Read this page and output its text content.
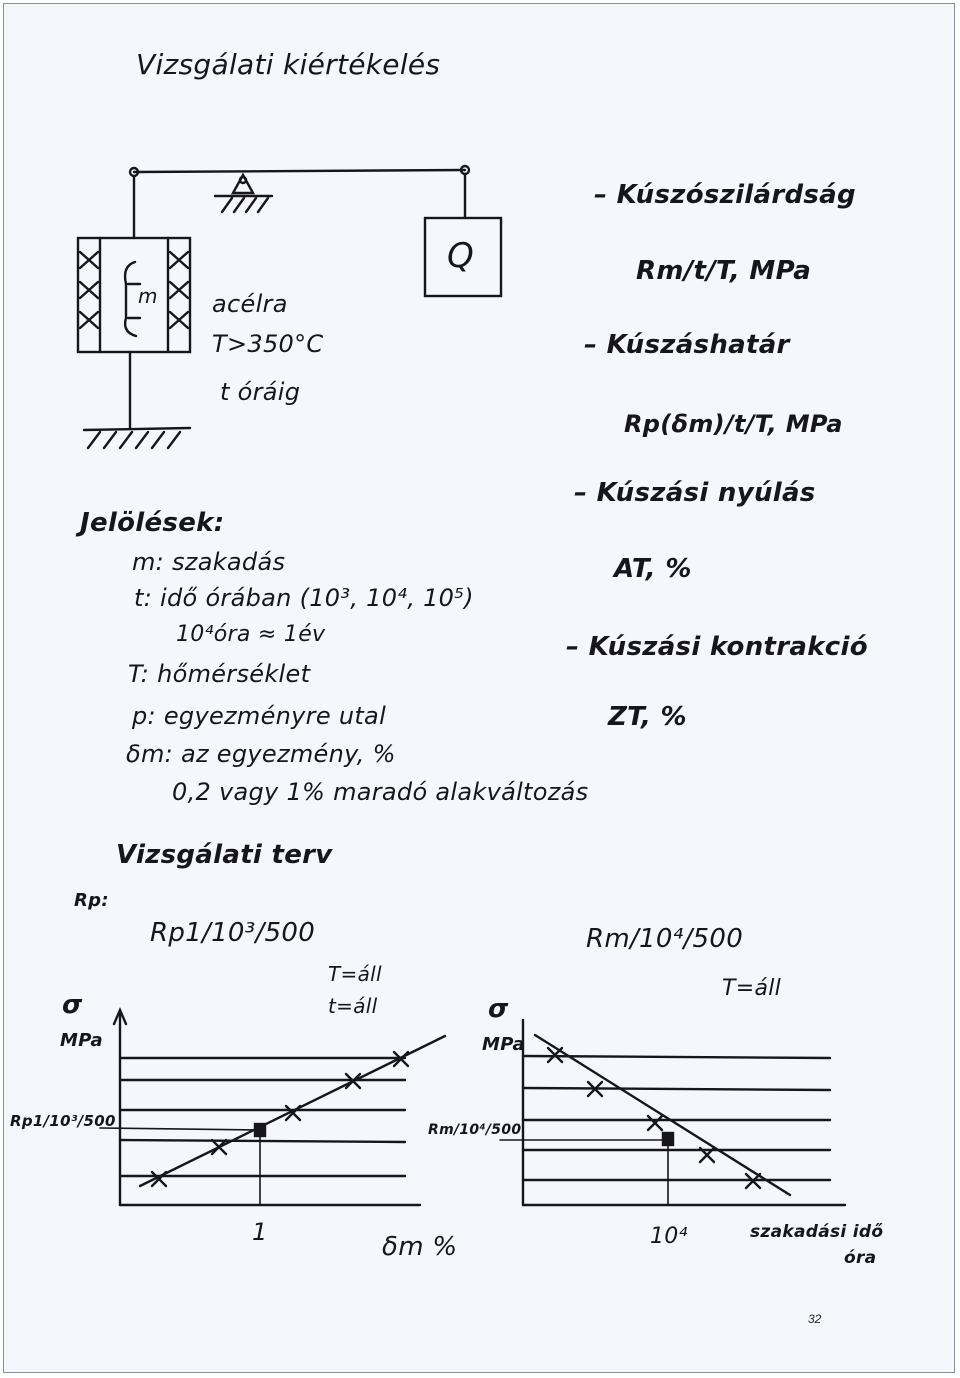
Vizsgálati kiértékelés
Q
m acélra
T>350°C
t óráig
– Kúszószilárdság
Rm/t/T, MPa
– Kúszáshatár
Rp(δm)/t/T, MPa
– Kúszási nyúlás
AT, %
– Kúszási kontrakció
ZT, %
Jelölések:
m: szakadás
t: idő órában (10³, 10⁴, 10⁵)
10⁴óra ≈ 1év
T: hőmérséklet
p: egyezményre utal
δm: az egyezmény, %
0,2 vagy 1% maradó alakváltozás
Vizsgálati terv
Rp:
Rp1/10³/500
T=áll
t=áll
σ
MPa
Rp1/10³/500
1	δm %
Rm/10⁴/500
T=áll
σ
MPa
Rm/10⁴/500
10⁴	szakadási idő
óra
32
